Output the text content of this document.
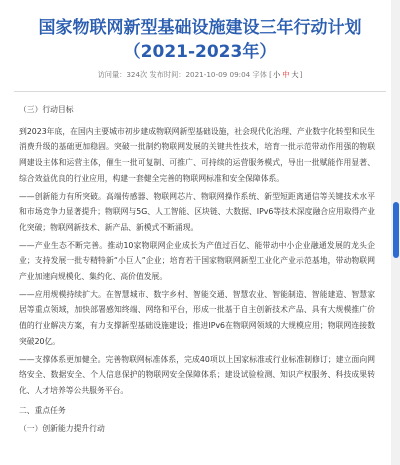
国家物联网新型基础设施建设三年行动计划（2021-2023年）
访问量：324次 发布时间：2021-10-09 09:04 字体 [小 中 大]

（三）行动目标

到2023年底，在国内主要城市初步建成物联网新型基础设施，社会现代化治理、产业数字化转型和民生消费升级的基础更加稳固。突破一批制约物联网发展的关键共性技术，培育一批示范带动作用强的物联网建设主体和运营主体，催生一批可复制、可推广、可持续的运营服务模式，导出一批赋能作用显著、综合效益优良的行业应用，构建一套健全完善的物联网标准和安全保障体系。

——创新能力有所突破。高端传感器、物联网芯片、物联网操作系统、新型短距离通信等关键技术水平和市场竞争力显著提升；物联网与5G、人工智能、区块链、大数据、IPv6等技术深度融合应用取得产业化突破；物联网新技术、新产品、新模式不断涌现。

——产业生态不断完善。推动10家物联网企业成长为产值过百亿、能带动中小企业融通发展的龙头企业；支持发展一批专精特新“小巨人”企业；培育若干国家物联网新型工业化产业示范基地，带动物联网产业加速向规模化、集约化、高价值发展。

——应用规模持续扩大。在智慧城市、数字乡村、智能交通、智慧农业、智能制造、智能建造、智慧家居等重点领域，加快部署感知终端、网络和平台，形成一批基于自主创新技术产品、具有大规模推广价值的行业解决方案，有力支撑新型基础设施建设；推进IPv6在物联网领域的大规模应用；物联网连接数突破20亿。

——支撑体系更加健全。完善物联网标准体系，完成40项以上国家标准或行业标准制修订；建立面向网络安全、数据安全、个人信息保护的物联网安全保障体系；建设试验检测、知识产权服务、科技成果转化、人才培养等公共服务平台。

二、重点任务

（一）创新能力提升行动
